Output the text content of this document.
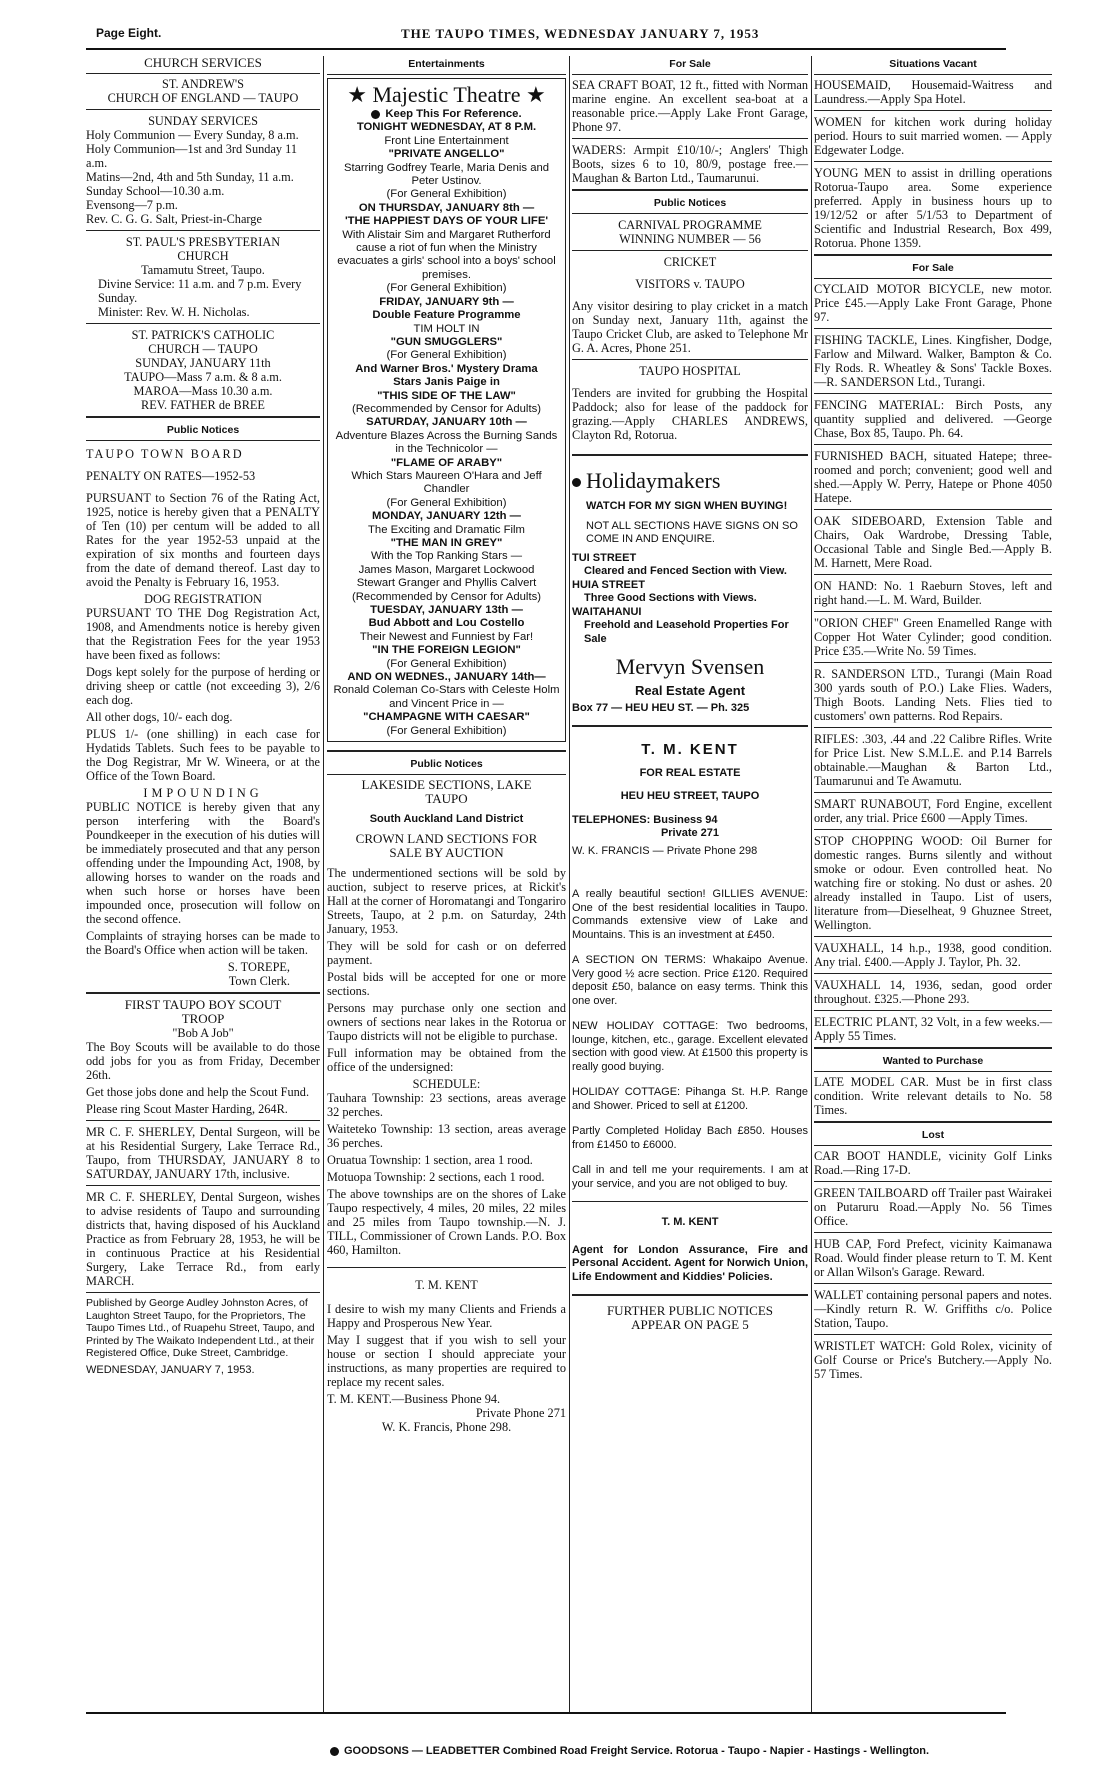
Page Eight.	THE TAUPO TIMES, WEDNESDAY JANUARY 7, 1953
CHURCH SERVICES
ST. ANDREW'S
CHURCH OF ENGLAND — TAUPO
SUNDAY SERVICES
Holy Communion — Every Sunday, 8 a.m.
Holy Communion—1st and 3rd Sunday 11 a.m.
Matins—2nd, 4th and 5th Sunday, 11 a.m.
Sunday School—10.30 a.m.
Evensong—7 p.m.
Rev. C. G. G. Salt, Priest-in-Charge
ST. PAUL'S PRESBYTERIAN
CHURCH
Tamamutu Street, Taupo.
Divine Service: 11 a.m. and 7 p.m. Every Sunday.
Minister: Rev. W. H. Nicholas.
ST. PATRICK'S CATHOLIC
CHURCH — TAUPO
SUNDAY, JANUARY 11th
TAUPO—Mass 7 a.m. & 8 a.m.
MAROA—Mass 10.30 a.m.
REV. FATHER de BREE
Public Notices
TAUPO TOWN BOARD
PENALTY ON RATES—1952-53
PURSUANT to Section 76 of the Rating Act, 1925, notice is hereby given that a PENALTY of Ten (10) per centum will be added to all Rates for the year 1952-53 unpaid at the expiration of six months and fourteen days from the date of demand thereof. Last day to avoid the Penalty is February 16, 1953.
DOG REGISTRATION
PURSUANT TO THE Dog Registration Act, 1908, and Amendments notice is hereby given that the Registration Fees for the year 1953 have been fixed as follows:
Dogs kept solely for the purpose of herding or driving sheep or cattle (not exceeding 3), 2/6 each dog.
All other dogs, 10/- each dog.
PLUS 1/- (one shilling) in each case for Hydatids Tablets. Such fees to be payable to the Dog Registrar, Mr W. Wineera, or at the Office of the Town Board.
IMPOUNDING
PUBLIC NOTICE is hereby given that any person interfering with the Board's Poundkeeper in the execution of his duties will be immediately prosecuted and that any person offending under the Impounding Act, 1908, by allowing horses to wander on the roads and when such horse or horses have been impounded once, prosecution will follow on the second offence.
Complaints of straying horses can be made to the Board's Office when action will be taken.
S. TOREPE,
Town Clerk.
FIRST TAUPO BOY SCOUT
TROOP
"Bob A Job"
The Boy Scouts will be available to do those odd jobs for you as from Friday, December 26th.
Get those jobs done and help the Scout Fund.
Please ring Scout Master Harding, 264R.
MR C. F. SHERLEY, Dental Surgeon, will be at his Residential Surgery, Lake Terrace Rd., Taupo, from THURSDAY, JANUARY 8 to SATURDAY, JANUARY 17th, inclusive.
MR C. F. SHERLEY, Dental Surgeon, wishes to advise residents of Taupo and surrounding districts that, having disposed of his Auckland Practice as from February 28, 1953, he will be in continuous Practice at his Residential Surgery, Lake Terrace Rd., from early MARCH.
Published by George Audley Johnston Acres, of Laughton Street Taupo, for the Proprietors, The Taupo Times Ltd., of Ruapehu Street, Taupo, and Printed by The Waikato Independent Ltd., at their Registered Office, Duke Street, Cambridge.
WEDNESDAY, JANUARY 7, 1953.
Entertainments
★ Majestic Theatre ★
Keep This For Reference.
TONIGHT WEDNESDAY, AT 8 P.M.
Front Line Entertainment
"PRIVATE ANGELLO"
Starring Godfrey Tearle, Maria Denis and Peter Ustinov.
(For General Exhibition)
ON THURSDAY, JANUARY 8th —
'THE HAPPIEST DAYS OF YOUR LIFE'
With Alistair Sim and Margaret Rutherford cause a riot of fun when the Ministry evacuates a girls' school into a boys' school premises.
(For General Exhibition)
FRIDAY, JANUARY 9th —
Double Feature Programme
TIM HOLT IN
"GUN SMUGGLERS"
(For General Exhibition)
And Warner Bros.' Mystery Drama
Stars Janis Paige in
"THIS SIDE OF THE LAW"
(Recommended by Censor for Adults)
SATURDAY, JANUARY 10th —
Adventure Blazes Across the Burning Sands in the Technicolor —
"FLAME OF ARABY"
Which Stars Maureen O'Hara and Jeff Chandler
(For General Exhibition)
MONDAY, JANUARY 12th —
The Exciting and Dramatic Film
"THE MAN IN GREY"
With the Top Ranking Stars —
James Mason, Margaret Lockwood
Stewart Granger and Phyllis Calvert
(Recommended by Censor for Adults)
TUESDAY, JANUARY 13th —
Bud Abbott and Lou Costello
Their Newest and Funniest by Far!
"IN THE FOREIGN LEGION"
(For General Exhibition)
AND ON WEDNES., JANUARY 14th—
Ronald Coleman Co-Stars with Celeste Holm and Vincent Price in —
"CHAMPAGNE WITH CAESAR"
(For General Exhibition)
Public Notices
LAKESIDE SECTIONS, LAKE
TAUPO
South Auckland Land District
CROWN LAND SECTIONS FOR
SALE BY AUCTION
The undermentioned sections will be sold by auction, subject to reserve prices, at Rickit's Hall at the corner of Horomatangi and Tongariro Streets, Taupo, at 2 p.m. on Saturday, 24th January, 1953.
They will be sold for cash or on deferred payment.
Postal bids will be accepted for one or more sections.
Persons may purchase only one section and owners of sections near lakes in the Rotorua or Taupo districts will not be eligible to purchase.
Full information may be obtained from the office of the undersigned:
SCHEDULE:
Tauhara Township: 23 sections, areas average 32 perches.
Waiteteko Township: 13 section, areas average 36 perches.
Oruatua Township: 1 section, area 1 rood.
Motuopa Township: 2 sections, each 1 rood.
The above townships are on the shores of Lake Taupo respectively, 4 miles, 20 miles, 22 miles and 25 miles from Taupo township.—N. J. TILL, Commissioner of Crown Lands. P.O. Box 460, Hamilton.
T. M. KENT
I desire to wish my many Clients and Friends a Happy and Prosperous New Year.
May I suggest that if you wish to sell your house or section I should appreciate your instructions, as many properties are required to replace my recent sales.
T. M. KENT.—Business Phone 94.
Private Phone 271
W. K. Francis, Phone 298.
For Sale
SEA CRAFT BOAT, 12 ft., fitted with Norman marine engine. An excellent sea-boat at a reasonable price.—Apply Lake Front Garage, Phone 97.
WADERS: Armpit £10/10/-; Anglers' Thigh Boots, sizes 6 to 10, 80/9, postage free.—Maughan & Barton Ltd., Taumarunui.
Public Notices
CARNIVAL PROGRAMME
WINNING NUMBER — 56
CRICKET
VISITORS v. TAUPO
Any visitor desiring to play cricket in a match on Sunday next, January 11th, against the Taupo Cricket Club, are asked to Telephone Mr G. A. Acres, Phone 251.
TAUPO HOSPITAL
Tenders are invited for grubbing the Hospital Paddock; also for lease of the paddock for grazing.—Apply CHARLES ANDREWS, Clayton Rd, Rotorua.
Holidaymakers
WATCH FOR MY SIGN WHEN BUYING!
NOT ALL SECTIONS HAVE SIGNS ON SO COME IN AND ENQUIRE.
TUI STREET
Cleared and Fenced Section with View.
HUIA STREET
Three Good Sections with Views.
WAITAHANUI
Freehold and Leasehold Properties For Sale
Mervyn Svensen
Real Estate Agent
Box 77 — HEU HEU ST. — Ph. 325
T. M. KENT
FOR REAL ESTATE
HEU HEU STREET, TAUPO
TELEPHONES: Business 94
Private 271
W. K. FRANCIS — Private Phone 298
A really beautiful section! GILLIES AVENUE: One of the best residential localities in Taupo. Commands extensive view of Lake and Mountains. This is an investment at £450.
A SECTION ON TERMS: Whakaipo Avenue. Very good ½ acre section. Price £120. Required deposit £50, balance on easy terms. Think this one over.
NEW HOLIDAY COTTAGE: Two bedrooms, lounge, kitchen, etc., garage. Excellent elevated section with good view. At £1500 this property is really good buying.
HOLIDAY COTTAGE: Pihanga St. H.P. Range and Shower. Priced to sell at £1200.
Partly Completed Holiday Bach £850. Houses from £1450 to £6000.
Call in and tell me your requirements. I am at your service, and you are not obliged to buy.
T. M. KENT
Agent for London Assurance, Fire and Personal Accident. Agent for Norwich Union, Life Endowment and Kiddies' Policies.
FURTHER PUBLIC NOTICES
APPEAR ON PAGE 5
Situations Vacant
HOUSEMAID, Housemaid-Waitress and Laundress.—Apply Spa Hotel.
WOMEN for kitchen work during holiday period. Hours to suit married women. — Apply Edgewater Lodge.
YOUNG MEN to assist in drilling operations Rotorua-Taupo area. Some experience preferred. Apply in business hours up to 19/12/52 or after 5/1/53 to Department of Scientific and Industrial Research, Box 499, Rotorua. Phone 1359.
For Sale
CYCLAID MOTOR BICYCLE, new motor. Price £45.—Apply Lake Front Garage, Phone 97.
FISHING TACKLE, Lines. Kingfisher, Dodge, Farlow and Milward. Walker, Bampton & Co. Fly Rods. R. Wheatley & Sons' Tackle Boxes. —R. SANDERSON Ltd., Turangi.
FENCING MATERIAL: Birch Posts, any quantity supplied and delivered. —George Chase, Box 85, Taupo. Ph. 64.
FURNISHED BACH, situated Hatepe; three-roomed and porch; convenient; good well and shed.—Apply W. Perry, Hatepe or Phone 4050 Hatepe.
OAK SIDEBOARD, Extension Table and Chairs, Oak Wardrobe, Dressing Table, Occasional Table and Single Bed.—Apply B. M. Harnett, Mere Road.
ON HAND: No. 1 Raeburn Stoves, left and right hand.—L. M. Ward, Builder.
"ORION CHEF" Green Enamelled Range with Copper Hot Water Cylinder; good condition. Price £35.—Write No. 59 Times.
R. SANDERSON LTD., Turangi (Main Road 300 yards south of P.O.) Lake Flies. Waders, Thigh Boots. Landing Nets. Flies tied to customers' own patterns. Rod Repairs.
RIFLES: .303, .44 and .22 Calibre Rifles. Write for Price List. New S.M.L.E. and P.14 Barrels obtainable.—Maughan & Barton Ltd., Taumarunui and Te Awamutu.
SMART RUNABOUT, Ford Engine, excellent order, any trial. Price £600 —Apply Times.
STOP CHOPPING WOOD: Oil Burner for domestic ranges. Burns silently and without smoke or odour. Even controlled heat. No watching fire or stoking. No dust or ashes. 20 already installed in Taupo. List of users, literature from—Dieselheat, 9 Ghuznee Street, Wellington.
VAUXHALL, 14 h.p., 1938, good condition. Any trial. £400.—Apply J. Taylor, Ph. 32.
VAUXHALL 14, 1936, sedan, good order throughout. £325.—Phone 293.
ELECTRIC PLANT, 32 Volt, in a few weeks.—Apply 55 Times.
Wanted to Purchase
LATE MODEL CAR. Must be in first class condition. Write relevant details to No. 58 Times.
Lost
CAR BOOT HANDLE, vicinity Golf Links Road.—Ring 17-D.
GREEN TAILBOARD off Trailer past Wairakei on Putaruru Road.—Apply No. 56 Times Office.
HUB CAP, Ford Prefect, vicinity Kaimanawa Road. Would finder please return to T. M. Kent or Allan Wilson's Garage. Reward.
WALLET containing personal papers and notes.—Kindly return R. W. Griffiths c/o. Police Station, Taupo.
WRISTLET WATCH: Gold Rolex, vicinity of Golf Course or Price's Butchery.—Apply No. 57 Times.
GOODSONS — LEADBETTER Combined Road Freight Service. Rotorua - Taupo - Napier - Hastings - Wellington.
